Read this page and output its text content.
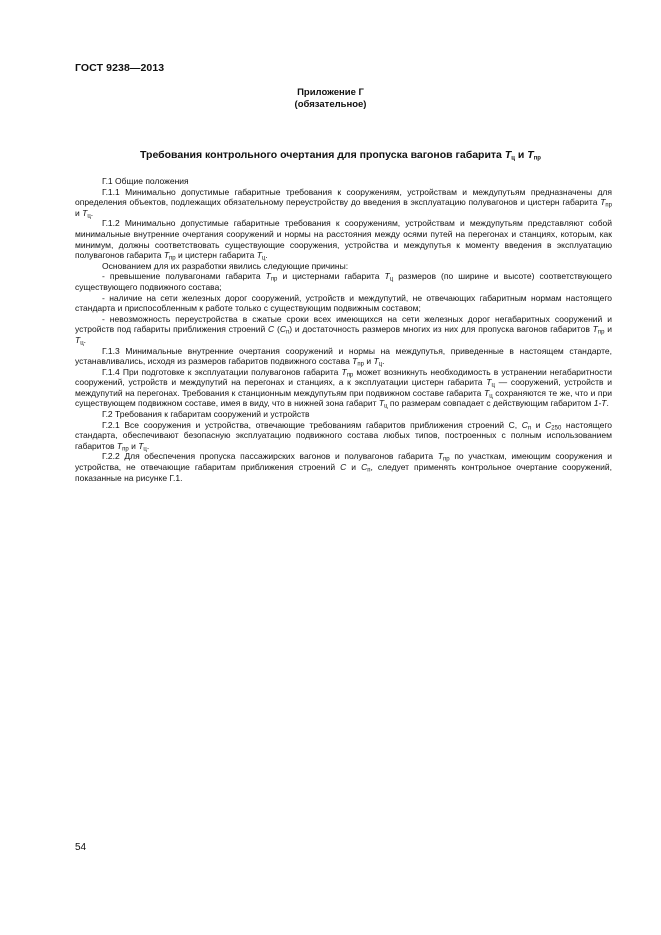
ГОСТ 9238—2013
Приложение Г
(обязательное)
Требования контрольного очертания для пропуска вагонов габарита $T_ц$ и $T_{пр}$

Г.1 Общие положения

Г.1.1 Минимально допустимые габаритные требования к сооружениям, устройствам и междупутьям предназначены для определения объектов, подлежащих обязательному переустройству до введения в эксплуатацию полувагонов и цистерн габарита $T_{пр}$ и $T_ц$.

Г.1.2 Минимально допустимые габаритные требования к сооружениям, устройствам и междупутьям представляют собой минимальные внутренние очертания сооружений и нормы на расстояния между осями путей на перегонах и станциях, которым, как минимум, должны соответствовать существующие сооружения, устройства и междупутья к моменту введения в эксплуатацию полувагонов габарита $T_{пр}$ и цистерн габарита $T_ц$.

Основанием для их разработки явились следующие причины:

- превышение полувагонами габарита $T_{пр}$ и цистернами габарита $T_ц$ размеров (по ширине и высоте) соответствующего существующего подвижного состава;

- наличие на сети железных дорог сооружений, устройств и междупутий, не отвечающих габаритным нормам настоящего стандарта и приспособленным к работе только с существующим подвижным составом;

- невозможность переустройства в сжатые сроки всех имеющихся на сети железных дорог негабаритных сооружений и устройств под габариты приближения строений С $(С_п)$ и достаточность размеров многих из них для пропуска вагонов габаритов $T_{пр}$ и $T_ц$.

Г.1.3 Минимальные внутренние очертания сооружений и нормы на междупутья, приведенные в настоящем стандарте, устанавливались, исходя из размеров габаритов подвижного состава $T_{пр}$ и $T_ц$.

Г.1.4 При подготовке к эксплуатации полувагонов габарита $T_{пр}$ может возникнуть необходимость в устранении негабаритности сооружений, устройств и междупутий на перегонах и станциях, а к эксплуатации цистерн габарита $T_ц$ — сооружений, устройств и междупутий на перегонах. Требования к станционным междупутьям при подвижном составе габарита $T_ц$ сохраняются те же, что и при существующем подвижном составе, имея в виду, что в нижней зона габарит $T_ц$ по размерам совпадает с действующим габаритом 1-Т.

Г.2 Требования к габаритам сооружений и устройств

Г.2.1 Все сооружения и устройства, отвечающие требованиям габаритов приближения строений С, $С_п$ и $С_{250}$ настоящего стандарта, обеспечивают безопасную эксплуатацию подвижного состава любых типов, построенных с полным использованием габаритов $T_{пр}$ и $T_ц$.

Г.2.2 Для обеспечения пропуска пассажирских вагонов и полувагонов габарита $T_{пр}$ по участкам, имеющим сооружения и устройства, не отвечающие габаритам приближения строений С и $С_п$, следует применять контрольное очертание сооружений, показанные на рисунке Г.1.

54
